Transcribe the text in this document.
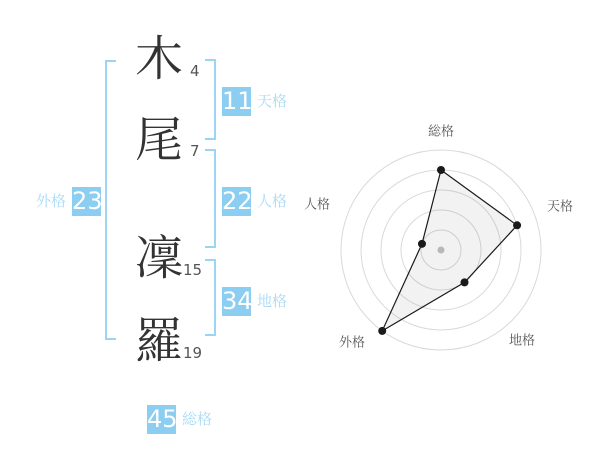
木
尾
凜
羅
4
7
15
19
11 天格
22 人格
34 地格
外格 23
45 総格
総格
天格
地格
外格
人格
